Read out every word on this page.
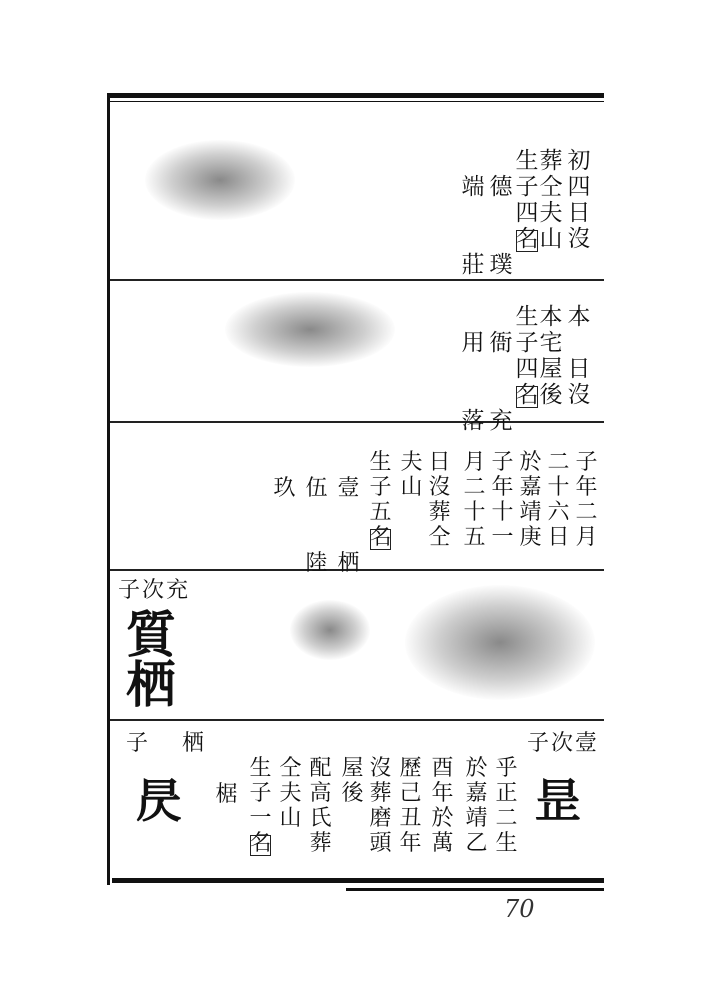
初
四
日
沒
葬
仝
夫
山
生
子
四
名
德
璞
端
莊
本
日
沒
本
宅
屋
後
生
子
四
名
衙
充
用
落
子
年
二
月
二
十
六
日
於
嘉
靖
庚
子
年
十
一
月
二
十
五
日
沒
葬
仝
夫
山
生
子
五
名
壹
栖
伍
陸
玖
子次充
質栖
子次壹
子　栖
昰
昃
乎
正
二
生
於
嘉
靖
乙
酉
年
於
萬
歷
己
丑
年
沒
葬
磨
頭
屋
後
配
高
氏
葬
仝
夫
山
生
子
一
名
椐
70
